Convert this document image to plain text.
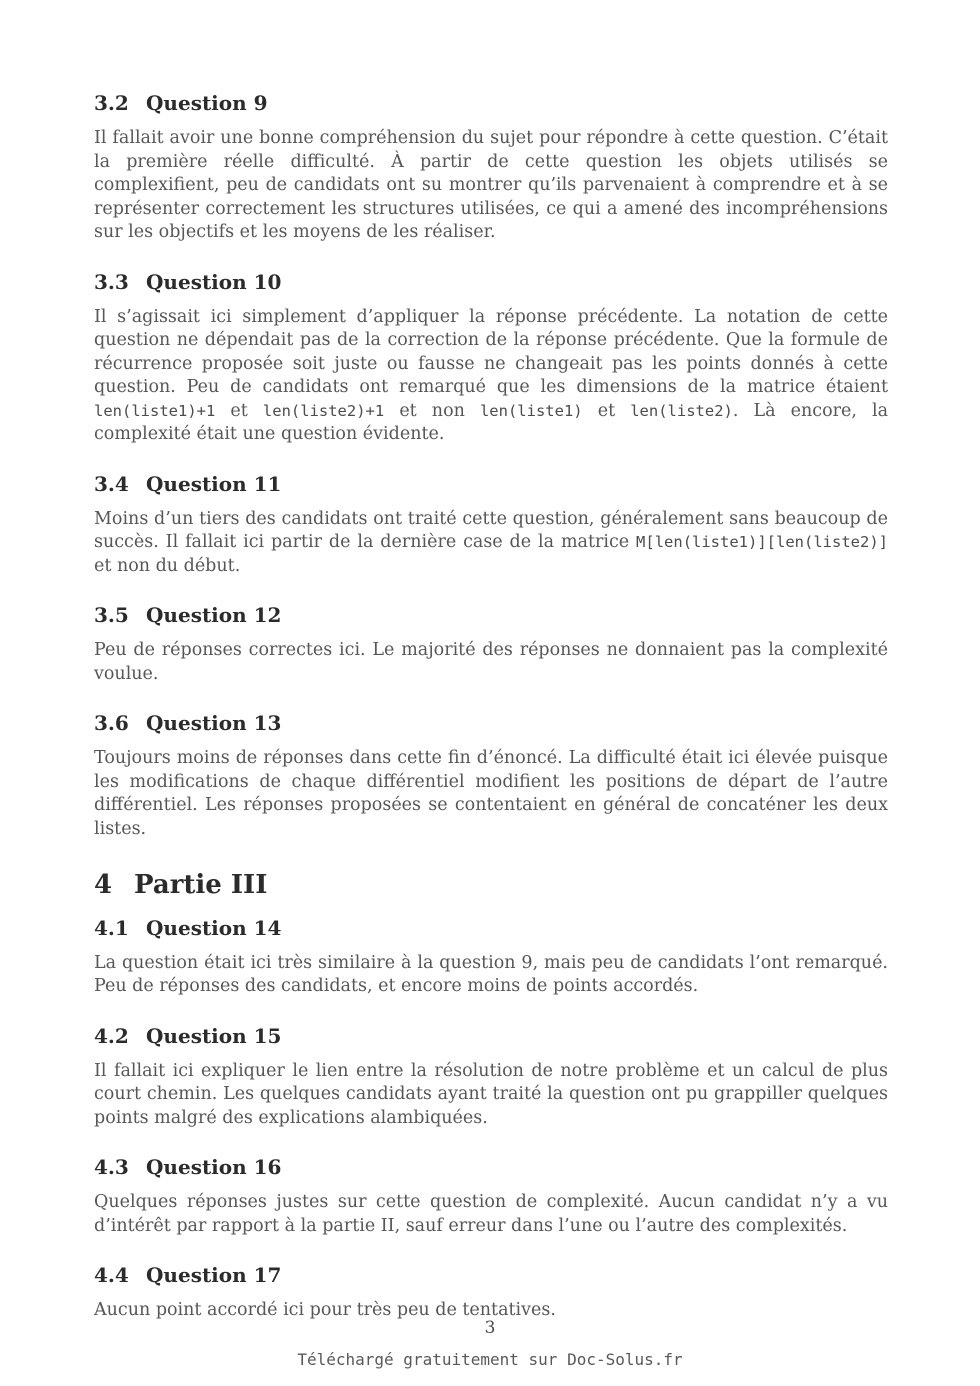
3.2 Question 9

Il fallait avoir une bonne compréhension du sujet pour répondre à cette question. C’était la première réelle difficulté. À partir de cette question les objets utilisés se complexifient, peu de candidats ont su montrer qu’ils parvenaient à comprendre et à se représenter correctement les structures utilisées, ce qui a amené des incompréhensions sur les objectifs et les moyens de les réaliser.

3.3 Question 10

Il s’agissait ici simplement d’appliquer la réponse précédente. La notation de cette question ne dépendait pas de la correction de la réponse précédente. Que la formule de récurrence proposée soit juste ou fausse ne changeait pas les points donnés à cette question. Peu de candidats ont remarqué que les dimensions de la matrice étaient len(liste1)+1 et len(liste2)+1 et non len(liste1) et len(liste2). Là encore, la complexité était une question évidente.

3.4 Question 11

Moins d’un tiers des candidats ont traité cette question, généralement sans beaucoup de succès. Il fallait ici partir de la dernière case de la matrice M[len(liste1)][len(liste2)] et non du début.

3.5 Question 12

Peu de réponses correctes ici. Le majorité des réponses ne donnaient pas la complexité voulue.

3.6 Question 13

Toujours moins de réponses dans cette fin d’énoncé. La difficulté était ici élevée puisque les modifications de chaque différentiel modifient les positions de départ de l’autre différentiel. Les réponses proposées se contentaient en général de concaténer les deux listes.

4 Partie III
4.1 Question 14

La question était ici très similaire à la question 9, mais peu de candidats l’ont remarqué. Peu de réponses des candidats, et encore moins de points accordés.

4.2 Question 15

Il fallait ici expliquer le lien entre la résolution de notre problème et un calcul de plus court chemin. Les quelques candidats ayant traité la question ont pu grappiller quelques points malgré des explications alambiquées.

4.3 Question 16

Quelques réponses justes sur cette question de complexité. Aucun candidat n’y a vu d’intérêt par rapport à la partie II, sauf erreur dans l’une ou l’autre des complexités.

4.4 Question 17

Aucun point accordé ici pour très peu de tentatives.

3
Téléchargé gratuitement sur Doc-Solus.fr
